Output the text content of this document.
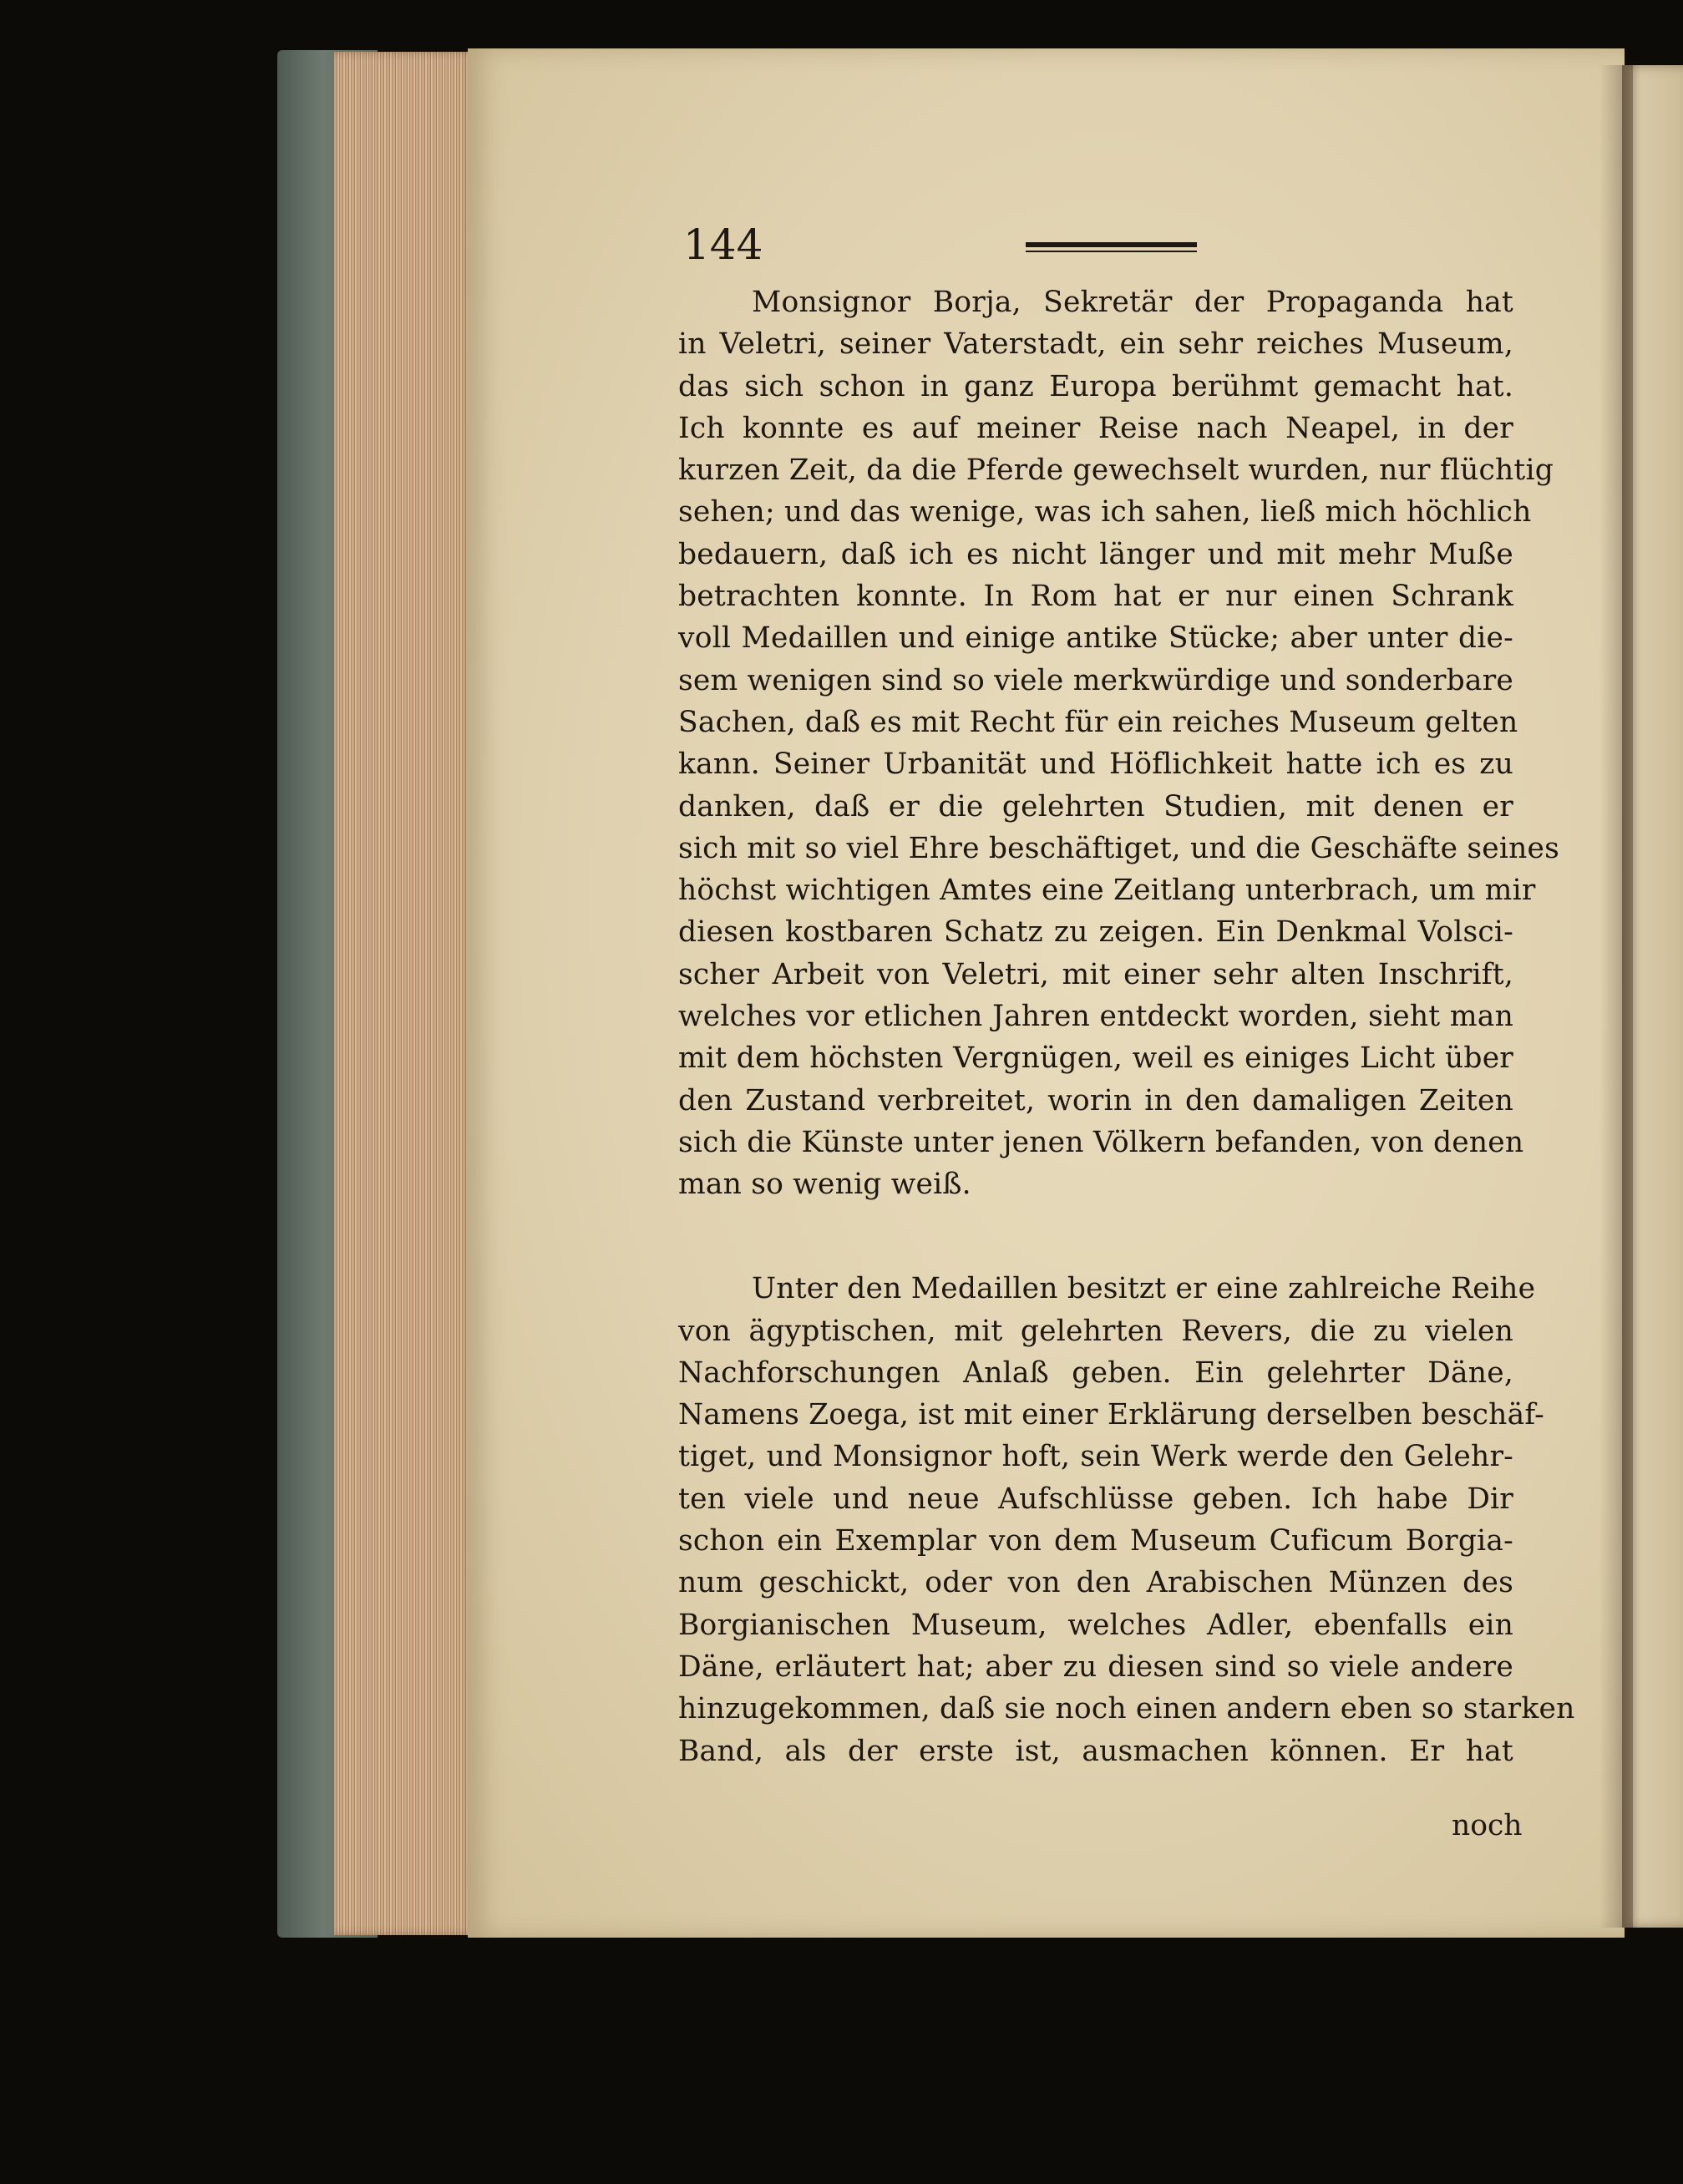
144
Monsignor Borja, Sekretär der Propaganda hat
in Veletri, seiner Vaterstadt, ein sehr reiches Museum,
das sich schon in ganz Europa berühmt gemacht hat.
Ich konnte es auf meiner Reise nach Neapel, in der
kurzen Zeit, da die Pferde gewechselt wurden, nur flüchtig
sehen; und das wenige, was ich sahen, ließ mich höchlich
bedauern, daß ich es nicht länger und mit mehr Muße
betrachten konnte. In Rom hat er nur einen Schrank
voll Medaillen und einige antike Stücke; aber unter die-
sem wenigen sind so viele merkwürdige und sonderbare
Sachen, daß es mit Recht für ein reiches Museum gelten
kann. Seiner Urbanität und Höflichkeit hatte ich es zu
danken, daß er die gelehrten Studien, mit denen er
sich mit so viel Ehre beschäftiget, und die Geschäfte seines
höchst wichtigen Amtes eine Zeitlang unterbrach, um mir
diesen kostbaren Schatz zu zeigen. Ein Denkmal Volsci-
scher Arbeit von Veletri, mit einer sehr alten Inschrift,
welches vor etlichen Jahren entdeckt worden, sieht man
mit dem höchsten Vergnügen, weil es einiges Licht über
den Zustand verbreitet, worin in den damaligen Zeiten
sich die Künste unter jenen Völkern befanden, von denen
man so wenig weiß.
Unter den Medaillen besitzt er eine zahlreiche Reihe
von ägyptischen, mit gelehrten Revers, die zu vielen
Nachforschungen Anlaß geben. Ein gelehrter Däne,
Namens Zoega, ist mit einer Erklärung derselben beschäf-
tiget, und Monsignor hoft, sein Werk werde den Gelehr-
ten viele und neue Aufschlüsse geben. Ich habe Dir
schon ein Exemplar von dem Museum Cuficum Borgia-
num geschickt, oder von den Arabischen Münzen des
Borgianischen Museum, welches Adler, ebenfalls ein
Däne, erläutert hat; aber zu diesen sind so viele andere
hinzugekommen, daß sie noch einen andern eben so starken
Band, als der erste ist, ausmachen können. Er hat
noch
